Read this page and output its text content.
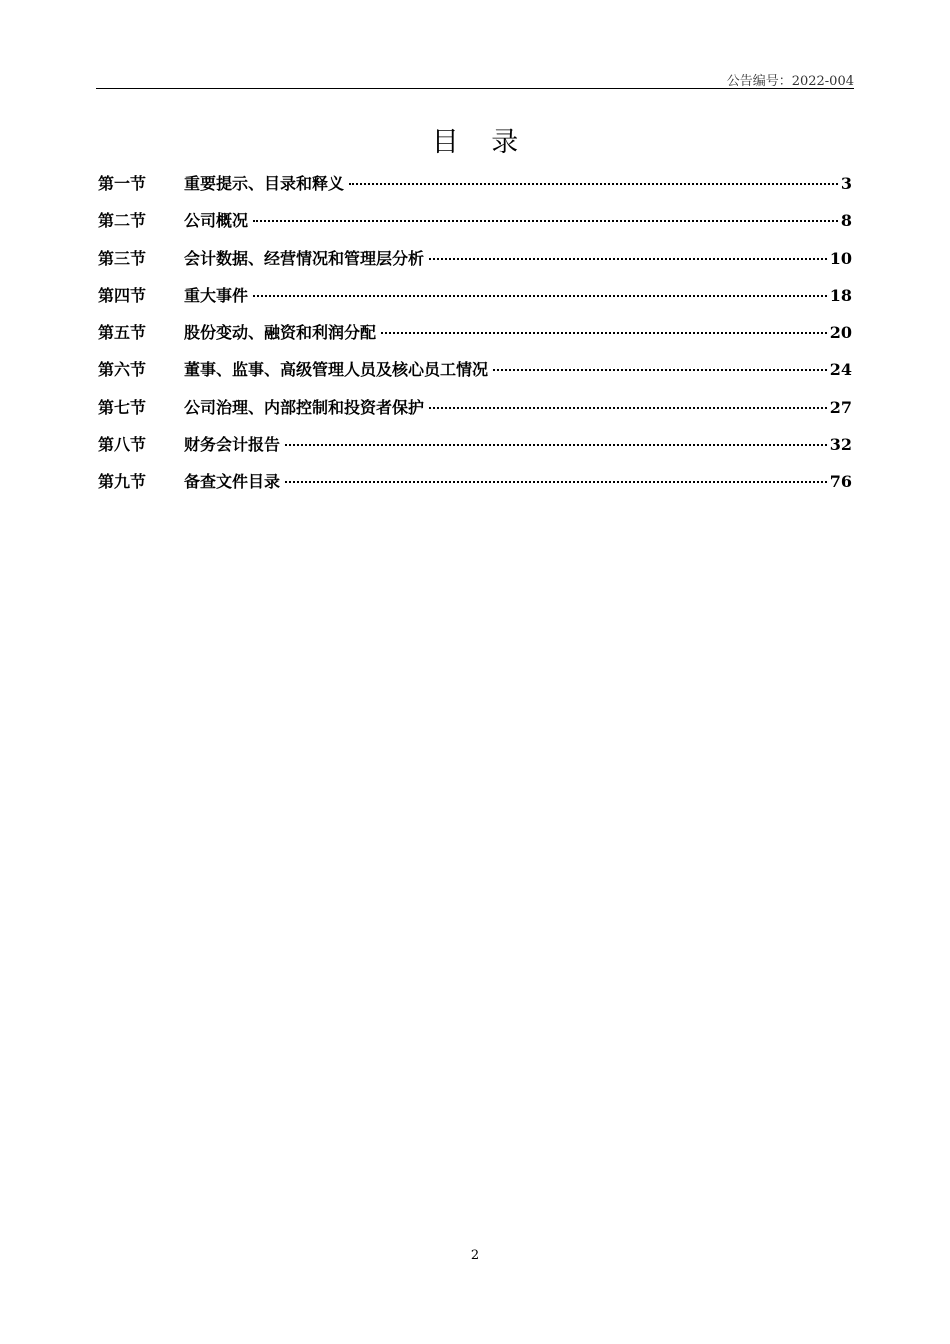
公告编号：2022-004
目 录
第一节	重要提示、目录和释义	3
第二节	公司概况	8
第三节	会计数据、经营情况和管理层分析	10
第四节	重大事件	18
第五节	股份变动、融资和利润分配	20
第六节	董事、监事、高级管理人员及核心员工情况	24
第七节	公司治理、内部控制和投资者保护	27
第八节	财务会计报告	32
第九节	备查文件目录	76
2
